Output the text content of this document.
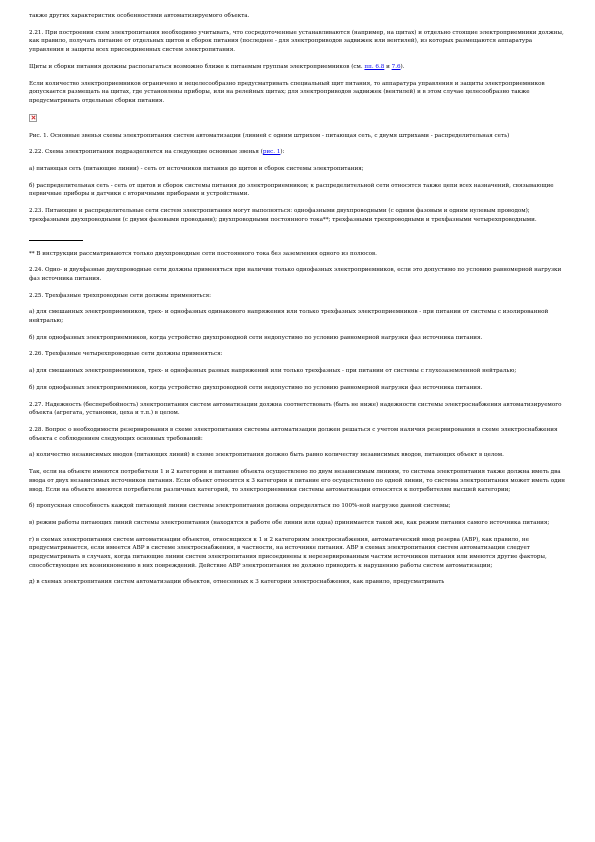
также других характеристик особенностями автоматизируемого объекта.

2.21. При построении схем электропитания необходимо учитывать, что сосредоточенные устанавливаются (например, на щитах) и отдельно стоящие электроприемники должны, как правило, получать питание от отдельных щитов и сборок питания (последнее - для электроприводов задвижек или вентилей), из которых размещаются аппаратура управления и защиты всех присоединенных систем электропитания.

Щиты и сборки питания должны располагаться возможно ближе к питаемым группам электроприемников (см. пп. 6.8 и 7.6).

Если количество электроприемников ограничено и нецелесообразно предусматривать специальный щит питания, то аппаратура управления и защиты электроприемников допускается размещать на щитах, где установлены приборы, или на релейных щитах; для электроприводов задвижек (вентилей) и в этом случае целесообразно также предусматривать отдельные сборки питания.

Рис. 1. Основные звенья схемы электропитания систем автоматизации (линией с одним штрихом - питающая сеть, с двумя штрихами - распределительная сеть)

2.22. Схема электропитания подразделяется на следующие основные звенья (рис. 1):

а) питающая сеть (питающие линии) - сеть от источников питания до щитов и сборок системы электропитания;

б) распределительная сеть - сеть от щитов и сборок системы питания до электроприемников; к распределительной сети относятся также цепи всех назначений, связывающие первичные приборы и датчики с вторичными приборами и устройствами.

2.23. Питающие и распределительные сети систем электропитания могут выполняться: однофазными двухпроводными (с одним фазовым и одним нулевым проводом); трехфазными двухпроводными (с двумя фазовыми проводами); двухпроводными постоянного тока**; трехфазными трехпроводными и трехфазными четырехпроводными.

** В инструкции рассматриваются только двухпроводные сети постоянного тока без заземления одного из полюсов.

2.24. Одно- и двухфазные двухпроводные сети должны применяться при наличии только однофазных электроприемников, если это допустимо по условию равномерной нагрузки фаз источника питания.

2.25. Трехфазные трехпроводные сети должны применяться:

а) для смешанных электроприемников, трех- и однофазных одинакового напряжения или только трехфазных электроприемников - при питании от системы с изолированной нейтралью;

б) для однофазных электроприемников, когда устройство двухпроводной сети недопустимо по условию равномерной нагрузки фаз источника питания.

2.26. Трехфазные четырехпроводные сети должны применяться:

а) для смешанных электроприемников, трех- и однофазных разных напряжений или только трехфазных - при питании от системы с глухозаземленной нейтралью;

б) для однофазных электроприемников, когда устройство двухпроводной сети недопустимо по условию равномерной нагрузки фаз источника питания.

2.27. Надежность (бесперебойность) электропитания систем автоматизации должна соответствовать (быть не ниже) надежности системы электроснабжения автоматизируемого объекта (агрегата, установки, цеха и т.п.) в целом.

2.28. Вопрос о необходимости резервирования в схеме электропитания системы автоматизации должен решаться с учетом наличия резервирования в схеме электроснабжения объекта с соблюдением следующих основных требований:

а) количество независимых вводов (питающих линий) в схеме электропитания должно быть равно количеству независимых вводов, питающих объект в целом.

Так, если на объекте имеются потребители 1 и 2 категории и питание объекта осуществлено по двум независимым линиям, то система электропитания также должна иметь два ввода от двух независимых источников питания. Если объект относится к 3 категории и питание его осуществлено по одной линии, то система электропитания может иметь один ввод. Если на объекте имеются потребители различных категорий, то электроприемники системы автоматизации относятся к потребителям высшей категории;

б) пропускная способность каждой питающей линии системы электропитания должна определяться по 100%-ной нагрузке данной системы;

в) режим работы питающих линий системы электропитания (находятся в работе обе линии или одна) принимается такой же, как режим питания самого источника питания;

г) в схемах электропитания систем автоматизации объектов, относящихся к 1 и 2 категориям электроснабжения, автоматический ввод резерва (АВР), как правило, не предусматривается, если имеется АВР в системе электроснабжения, в частности, на источнике питания. АВР в схемах электропитания систем автоматизации следует предусматривать в случаях, когда питающие линии систем электропитания присоединены к нерезервированным частям источников питания или имеются другие факторы, способствующие их возникновению в них повреждений. Действие АВР электропитания не должно приводить к нарушению работы систем автоматизации;

д) в схемах электропитания систем автоматизации объектов, отнесенных к 3 категории электроснабжения, как правило, предусматривать
